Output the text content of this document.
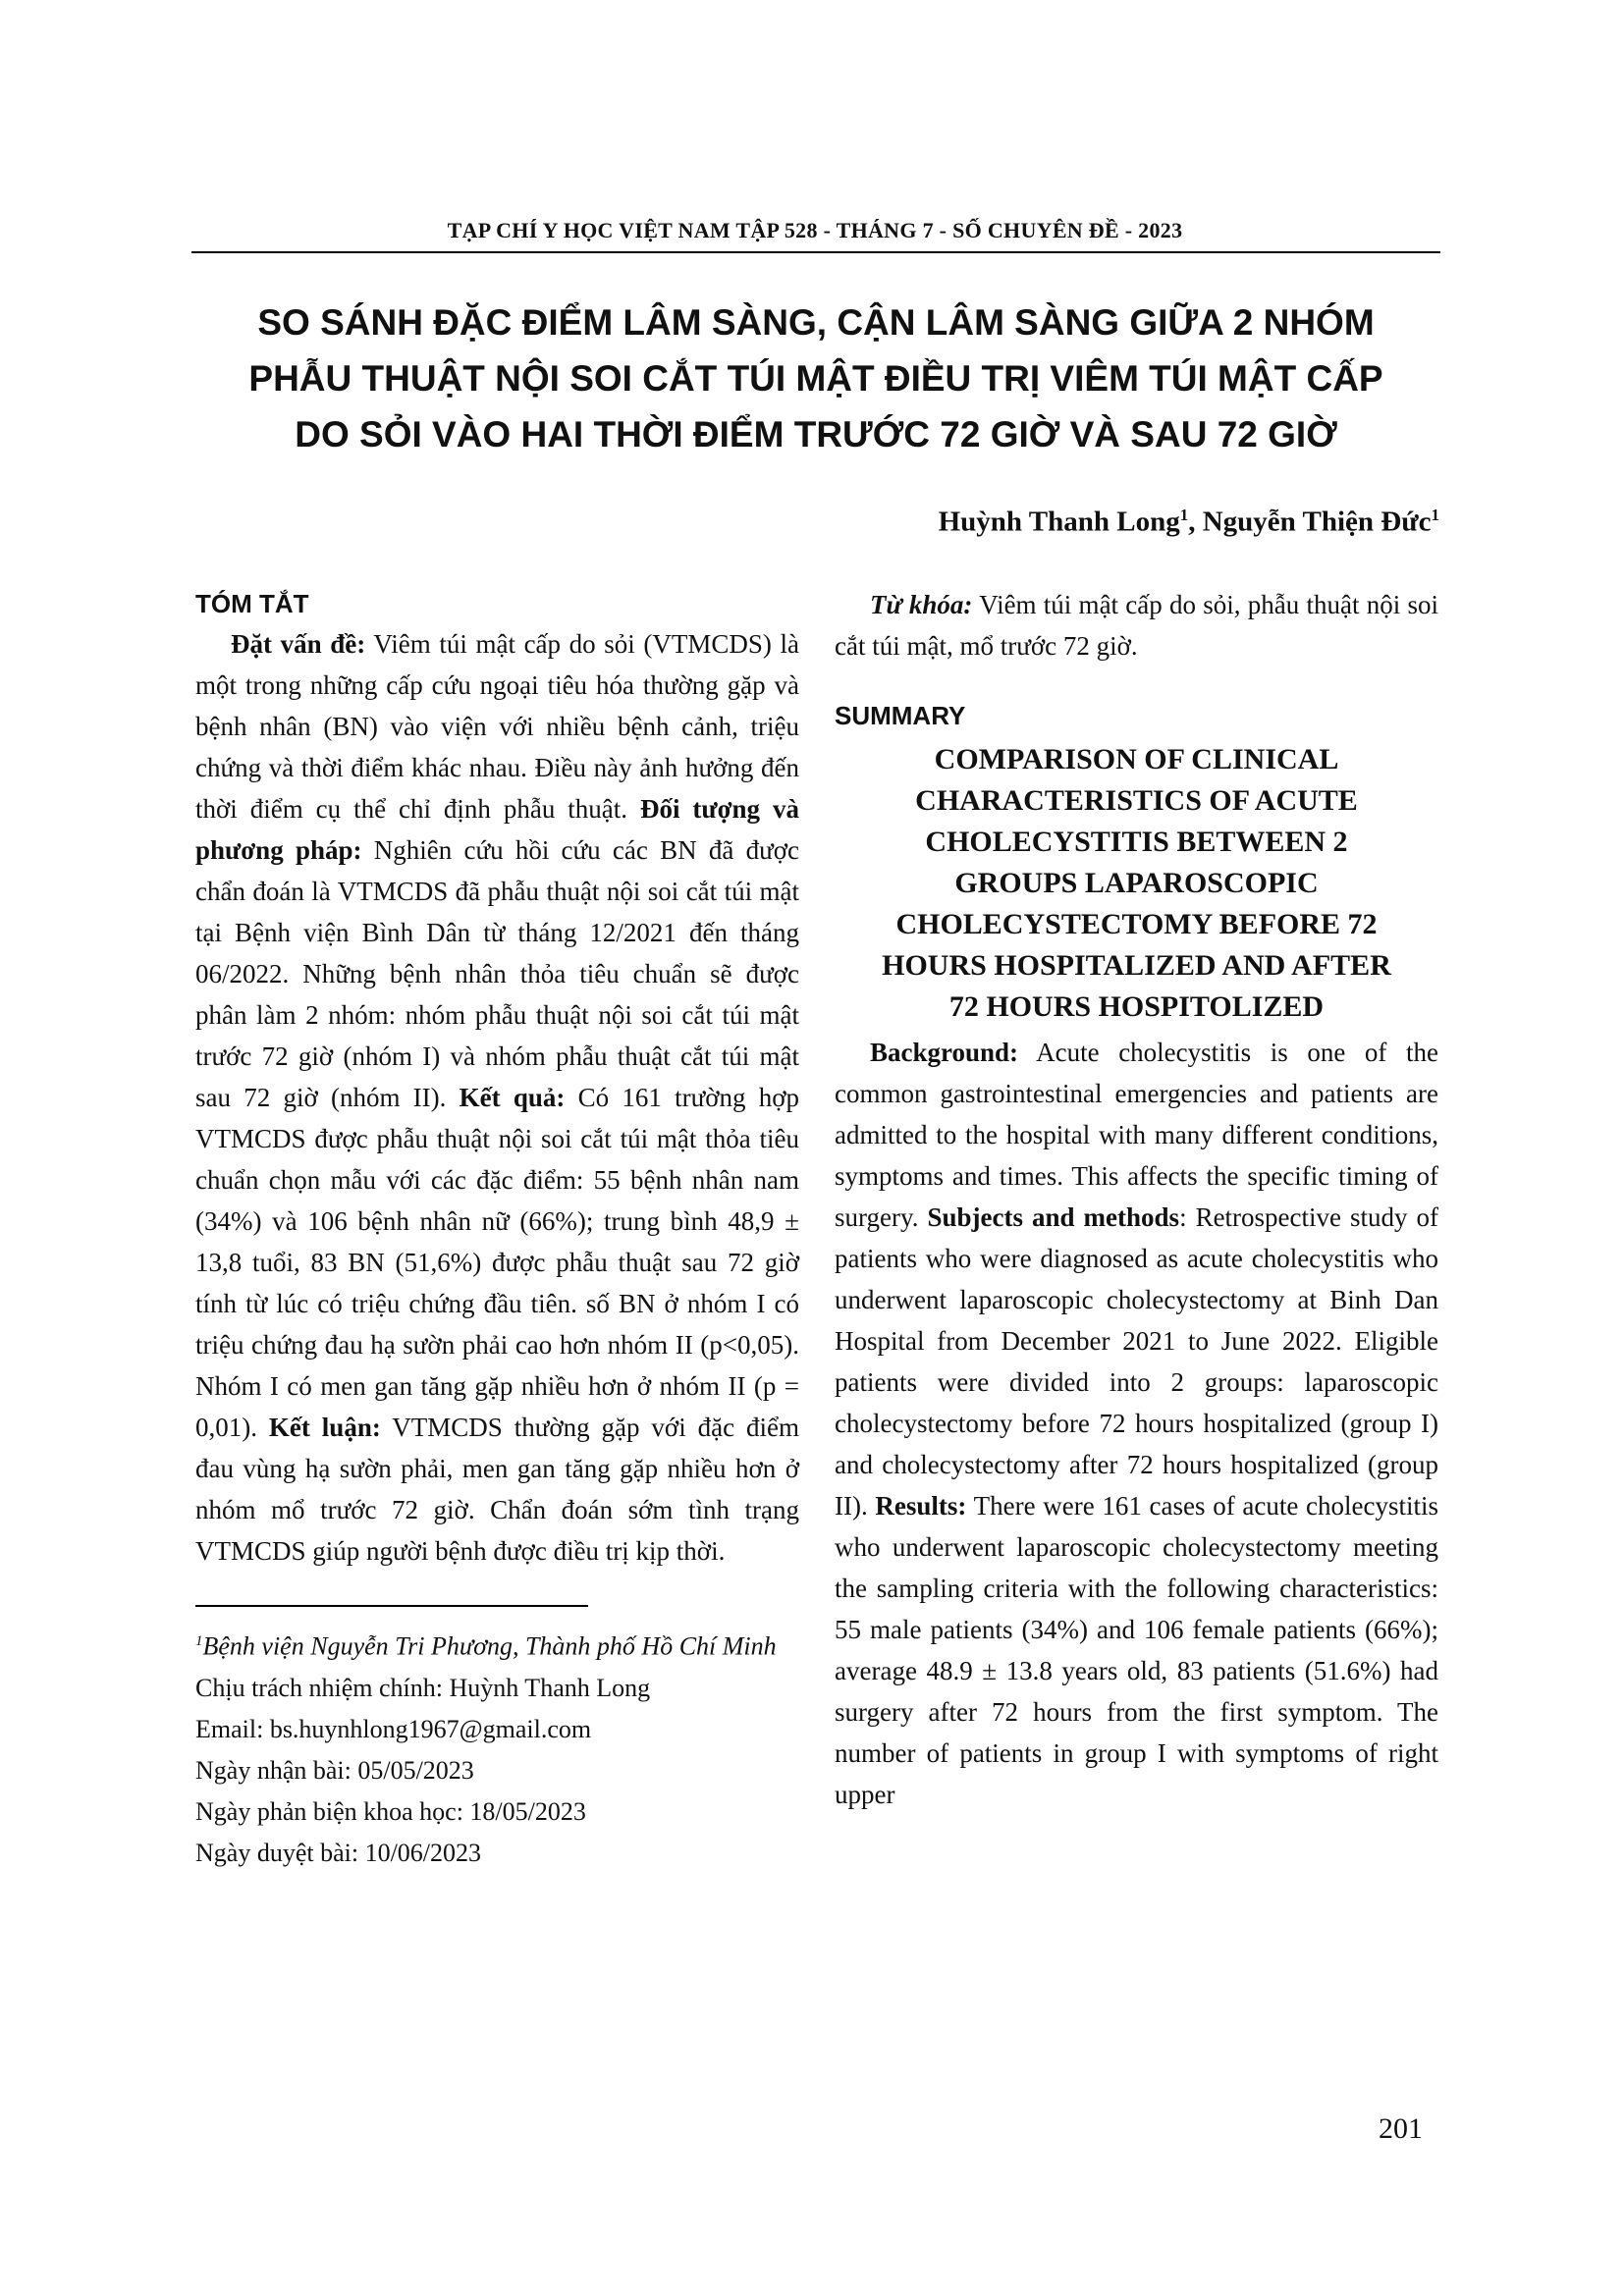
TẠP CHÍ Y HỌC VIỆT NAM TẬP 528 - THÁNG 7 - SỐ CHUYÊN ĐỀ - 2023
SO SÁNH ĐẶC ĐIỂM LÂM SÀNG, CẬN LÂM SÀNG GIỮA 2 NHÓM
PHẪU THUẬT NỘI SOI CẮT TÚI MẬT ĐIỀU TRỊ VIÊM TÚI MẬT CẤP
DO SỎI VÀO HAI THỜI ĐIỂM TRƯỚC 72 GIỜ VÀ SAU 72 GIỜ
Huỳnh Thanh Long$^1$, Nguyễn Thiện Đức$^1$
TÓM TẮT

Đặt vấn đề: Viêm túi mật cấp do sỏi (VTMCDS) là một trong những cấp cứu ngoại tiêu hóa thường gặp và bệnh nhân (BN) vào viện với nhiều bệnh cảnh, triệu chứng và thời điểm khác nhau. Điều này ảnh hưởng đến thời điểm cụ thể chỉ định phẫu thuật. Đối tượng và phương pháp: Nghiên cứu hồi cứu các BN đã được chẩn đoán là VTMCDS đã phẫu thuật nội soi cắt túi mật tại Bệnh viện Bình Dân từ tháng 12/2021 đến tháng 06/2022. Những bệnh nhân thỏa tiêu chuẩn sẽ được phân làm 2 nhóm: nhóm phẫu thuật nội soi cắt túi mật trước 72 giờ (nhóm I) và nhóm phẫu thuật cắt túi mật sau 72 giờ (nhóm II). Kết quả: Có 161 trường hợp VTMCDS được phẫu thuật nội soi cắt túi mật thỏa tiêu chuẩn chọn mẫu với các đặc điểm: 55 bệnh nhân nam (34%) và 106 bệnh nhân nữ (66%); trung bình 48,9 ± 13,8 tuổi, 83 BN (51,6%) được phẫu thuật sau 72 giờ tính từ lúc có triệu chứng đầu tiên. số BN ở nhóm I có triệu chứng đau hạ sườn phải cao hơn nhóm II (p<0,05). Nhóm I có men gan tăng gặp nhiều hơn ở nhóm II (p = 0,01). Kết luận: VTMCDS thường gặp với đặc điểm đau vùng hạ sườn phải, men gan tăng gặp nhiều hơn ở nhóm mổ trước 72 giờ. Chẩn đoán sớm tình trạng VTMCDS giúp người bệnh được điều trị kịp thời.

$^1$Bệnh viện Nguyễn Tri Phương, Thành phố Hồ Chí Minh
Chịu trách nhiệm chính: Huỳnh Thanh Long
Email: bs.huynhlong1967@gmail.com
Ngày nhận bài: 05/05/2023
Ngày phản biện khoa học: 18/05/2023
Ngày duyệt bài: 10/06/2023

Từ khóa: Viêm túi mật cấp do sỏi, phẫu thuật nội soi cắt túi mật, mổ trước 72 giờ.

SUMMARY
COMPARISON OF CLINICAL
CHARACTERISTICS OF ACUTE
CHOLECYSTITIS BETWEEN 2
GROUPS LAPAROSCOPIC
CHOLECYSTECTOMY BEFORE 72
HOURS HOSPITALIZED AND AFTER
72 HOURS HOSPITOLIZED

Background: Acute cholecystitis is one of the common gastrointestinal emergencies and patients are admitted to the hospital with many different conditions, symptoms and times. This affects the specific timing of surgery. Subjects and methods: Retrospective study of patients who were diagnosed as acute cholecystitis who underwent laparoscopic cholecystectomy at Binh Dan Hospital from December 2021 to June 2022. Eligible patients were divided into 2 groups: laparoscopic cholecystectomy before 72 hours hospitalized (group I) and cholecystectomy after 72 hours hospitalized (group II). Results: There were 161 cases of acute cholecystitis who underwent laparoscopic cholecystectomy meeting the sampling criteria with the following characteristics: 55 male patients (34%) and 106 female patients (66%); average 48.9 ± 13.8 years old, 83 patients (51.6%) had surgery after 72 hours from the first symptom. The number of patients in group I with symptoms of right upper

201
